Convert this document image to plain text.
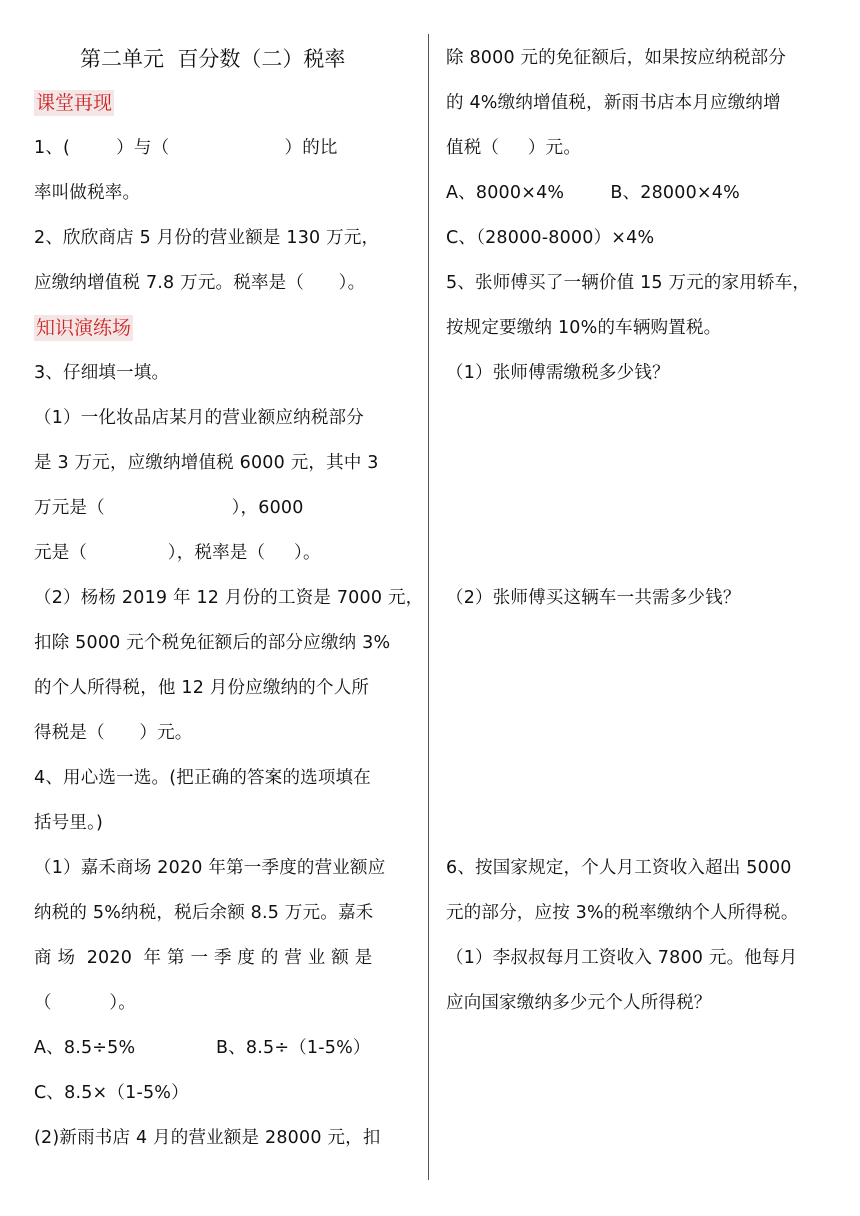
第二单元  百分数（二）税率
课堂再现
1、(        ）与（                    ）的比
率叫做税率。
2、欣欣商店 5 月份的营业额是 130 万元，
应缴纳增值税 7.8 万元。税率是（      ）。
知识演练场
3、仔细填一填。
（1）一化妆品店某月的营业额应纳税部分
是 3 万元，应缴纳增值税 6000 元，其中 3
万元是（                      ），6000
元是（              ），税率是（     ）。
（2）杨杨 2019 年 12 月份的工资是 7000 元，
扣除 5000 元个税免征额后的部分应缴纳 3%
的个人所得税，他 12 月份应缴纳的个人所
得税是（      ）元。
4、用心选一选。(把正确的答案的选项填在
括号里。)
（1）嘉禾商场 2020 年第一季度的营业额应
纳税的 5%纳税，税后余额 8.5 万元。嘉禾
商 场  2020  年 第 一 季 度 的 营 业 额 是
（          ）。
A、8.5÷5%              B、8.5÷（1-5%）
C、8.5×（1-5%）
(2)新雨书店 4 月的营业额是 28000 元，扣
除 8000 元的免征额后，如果按应纳税部分
的 4%缴纳增值税，新雨书店本月应缴纳增
值税（     ）元。
A、8000×4%        B、28000×4%
C、（28000-8000）×4%
5、张师傅买了一辆价值 15 万元的家用轿车，
按规定要缴纳 10%的车辆购置税。
（1）张师傅需缴税多少钱？
（2）张师傅买这辆车一共需多少钱？
6、按国家规定，个人月工资收入超出 5000
元的部分，应按 3%的税率缴纳个人所得税。
（1）李叔叔每月工资收入 7800 元。他每月
应向国家缴纳多少元个人所得税？
